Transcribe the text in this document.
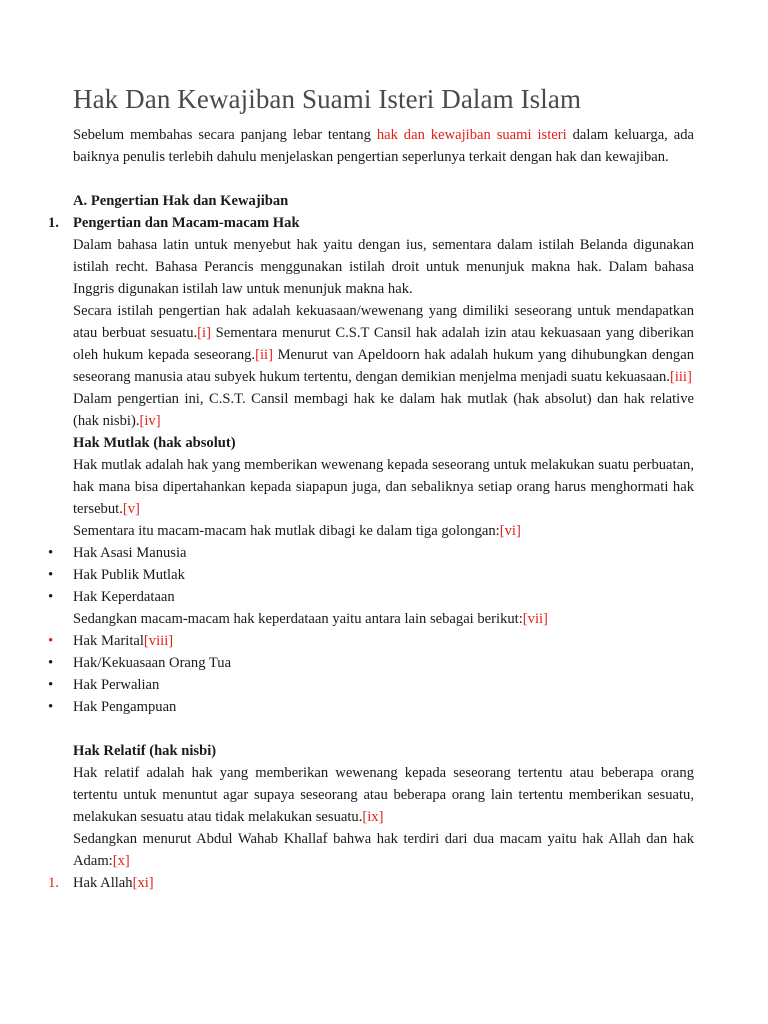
Hak Dan Kewajiban Suami Isteri Dalam Islam

Sebelum membahas secara panjang lebar tentang hak dan kewajiban suami isteri dalam keluarga, ada baiknya penulis terlebih dahulu menjelaskan pengertian seperlunya terkait dengan hak dan kewajiban.

A. Pengertian Hak dan Kewajiban

1. Pengertian dan Macam-macam Hak

Dalam bahasa latin untuk menyebut hak yaitu dengan ius, sementara dalam istilah Belanda digunakan istilah recht. Bahasa Perancis menggunakan istilah droit untuk menunjuk makna hak. Dalam bahasa Inggris digunakan istilah law untuk menunjuk makna hak.

Secara istilah pengertian hak adalah kekuasaan/wewenang yang dimiliki seseorang untuk mendapatkan atau berbuat sesuatu.[i] Sementara menurut C.S.T Cansil hak adalah izin atau kekuasaan yang diberikan oleh hukum kepada seseorang.[ii] Menurut van Apeldoorn hak adalah hukum yang dihubungkan dengan seseorang manusia atau subyek hukum tertentu, dengan demikian menjelma menjadi suatu kekuasaan.[iii]

Dalam pengertian ini, C.S.T. Cansil membagi hak ke dalam hak mutlak (hak absolut) dan hak relative (hak nisbi).[iv]

Hak Mutlak (hak absolut)

Hak mutlak adalah hak yang memberikan wewenang kepada seseorang untuk melakukan suatu perbuatan, hak mana bisa dipertahankan kepada siapapun juga, dan sebaliknya setiap orang harus menghormati hak tersebut.[v]

Sementara itu macam-macam hak mutlak dibagi ke dalam tiga golongan:[vi]

•	Hak Asasi Manusia

•	Hak Publik Mutlak

•	Hak Keperdataan

Sedangkan macam-macam hak keperdataan yaitu antara lain sebagai berikut:[vii]

•	Hak Marital[viii]

•	Hak/Kekuasaan Orang Tua

•	Hak Perwalian

•	Hak Pengampuan

Hak Relatif (hak nisbi)

Hak relatif adalah hak yang memberikan wewenang kepada seseorang tertentu atau beberapa orang tertentu untuk menuntut agar supaya seseorang atau beberapa orang lain tertentu memberikan sesuatu, melakukan sesuatu atau tidak melakukan sesuatu.[ix]

Sedangkan menurut Abdul Wahab Khallaf bahwa hak terdiri dari dua macam yaitu hak Allah dan hak Adam:[x]

1. Hak Allah[xi]
